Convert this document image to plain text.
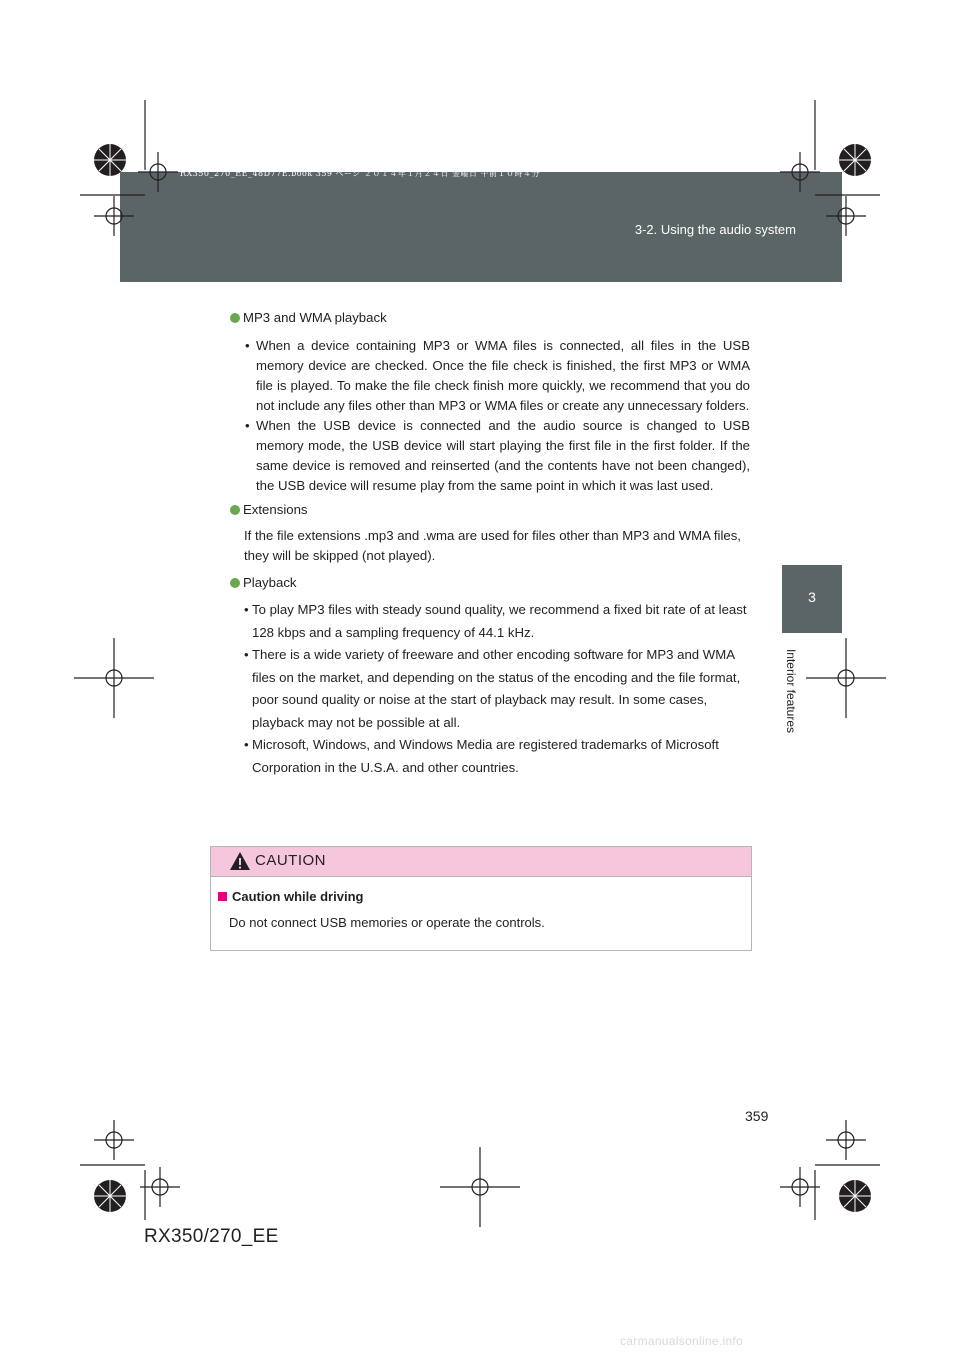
3-2. Using the audio system
RX350_270_EE_48D77E.book 359 ページ ２０１４年１月２４日 金曜日 午前１０時４分
3
Interior features
MP3 and WMA playback
• When a device containing MP3 or WMA files is connected, all files in the USB memory device are checked. Once the file check is finished, the first MP3 or WMA file is played. To make the file check finish more quickly, we recommend that you do not include any files other than MP3 or WMA files or create any unnecessary folders.
• When the USB device is connected and the audio source is changed to USB memory mode, the USB device will start playing the first file in the first folder. If the same device is removed and reinserted (and the contents have not been changed), the USB device will resume play from the same point in which it was last used.
Extensions
If the file extensions .mp3 and .wma are used for files other than MP3 and WMA files, they will be skipped (not played).
Playback
• To play MP3 files with steady sound quality, we recommend a fixed bit rate of at least 128 kbps and a sampling frequency of 44.1 kHz.
• There is a wide variety of freeware and other encoding software for MP3 and WMA files on the market, and depending on the status of the encoding and the file format, poor sound quality or noise at the start of playback may result. In some cases, playback may not be possible at all.
• Microsoft, Windows, and Windows Media are registered trademarks of Microsoft Corporation in the U.S.A. and other countries.
CAUTION
Caution while driving
Do not connect USB memories or operate the controls.
359
RX350/270_EE
carmanualsonline.info
